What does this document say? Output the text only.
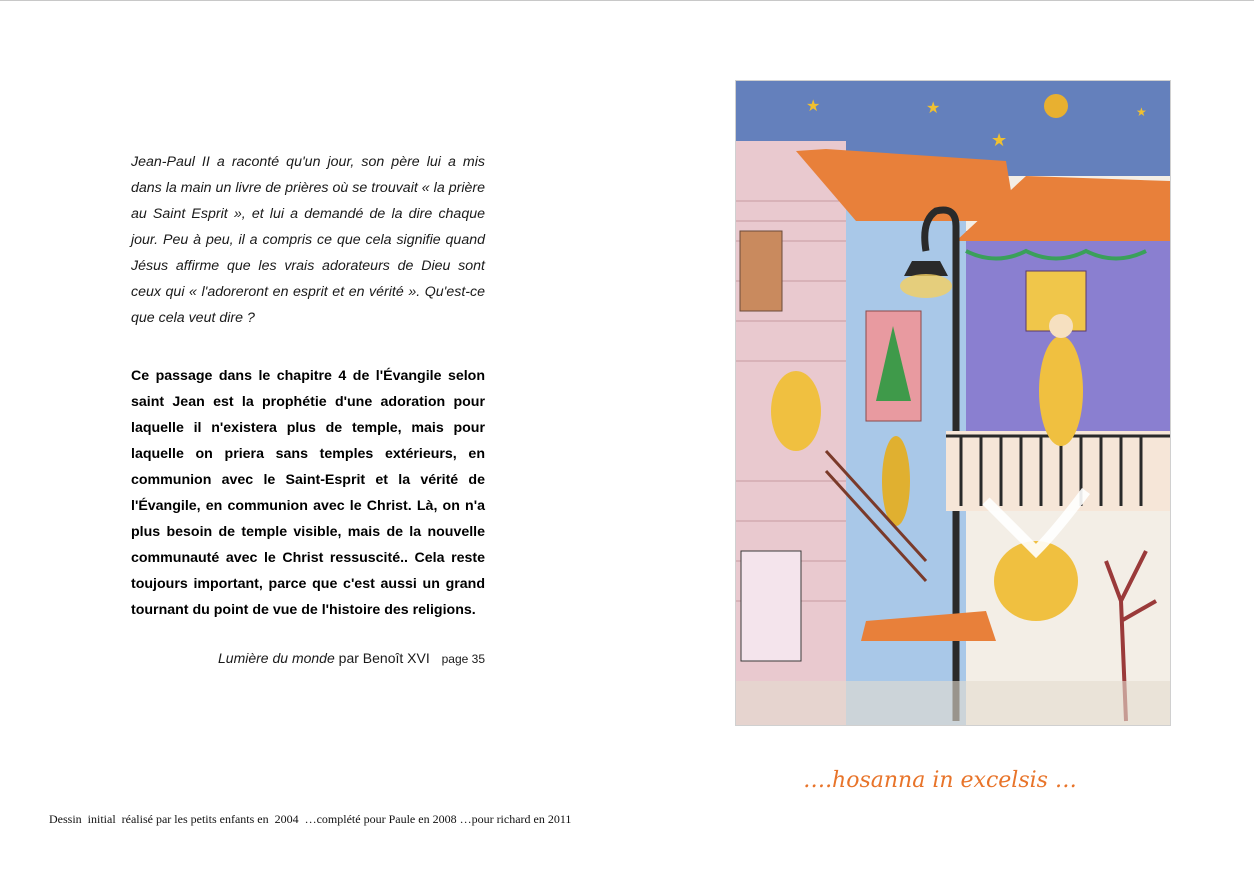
Jean-Paul II a raconté qu'un jour, son père lui a mis dans la main un livre de prières où se trouvait « la prière au Saint Esprit », et lui a demandé de la dire chaque jour. Peu à peu, il a compris ce que cela signifie quand Jésus affirme que les vrais adorateurs de Dieu sont ceux qui « l'adoreront en esprit et en vérité ». Qu'est-ce que cela veut dire ?

Ce passage dans le chapitre 4 de l'Évangile selon saint Jean est la prophétie d'une adoration pour laquelle il n'existera plus de temple, mais pour laquelle on priera sans temples extérieurs, en communion avec le Saint-Esprit et la vérité de l'Évangile, en communion avec le Christ. Là, on n'a plus besoin de temple visible, mais de la nouvelle communauté avec le Christ ressuscité.. Cela reste toujours important, parce que c'est aussi un grand tournant du point de vue de l'histoire des religions.

Lumière du monde par Benoît XVI page 35
★	★
★
★
….hosanna in excelsis …
Dessin  initial  réalisé par les petits enfants en  2004  …complété pour Paule en 2008 …pour richard en 2011
